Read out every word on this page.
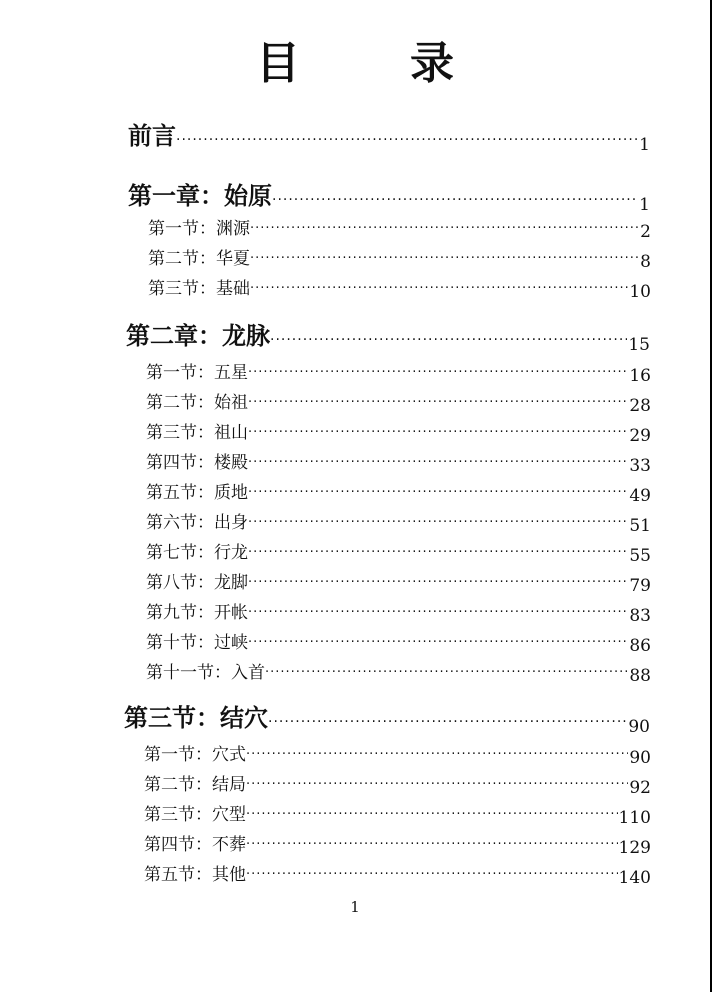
目	录
前言 ·····	1
第一章：始原 ·····	1
第一节：渊源 ·····	2
第二节：华夏 ·····	8
第三节：基础 ·····	10
第二章：龙脉 ·····	15
第一节：五星 ·····	16
第二节：始祖 ·····	28
第三节：祖山 ·····	29
第四节：楼殿 ·····	33
第五节：质地 ·····	49
第六节：出身 ·····	51
第七节：行龙 ·····	55
第八节：龙脚 ·····	79
第九节：开帐 ·····	83
第十节：过峡 ·····	86
第十一节：入首 ·····	88
第三节：结穴 ·····	90
第一节：穴式 ·····	90
第二节：结局 ·····	92
第三节：穴型 ·····	110
第四节：不葬 ·····	129
第五节：其他 ·····	140
1
